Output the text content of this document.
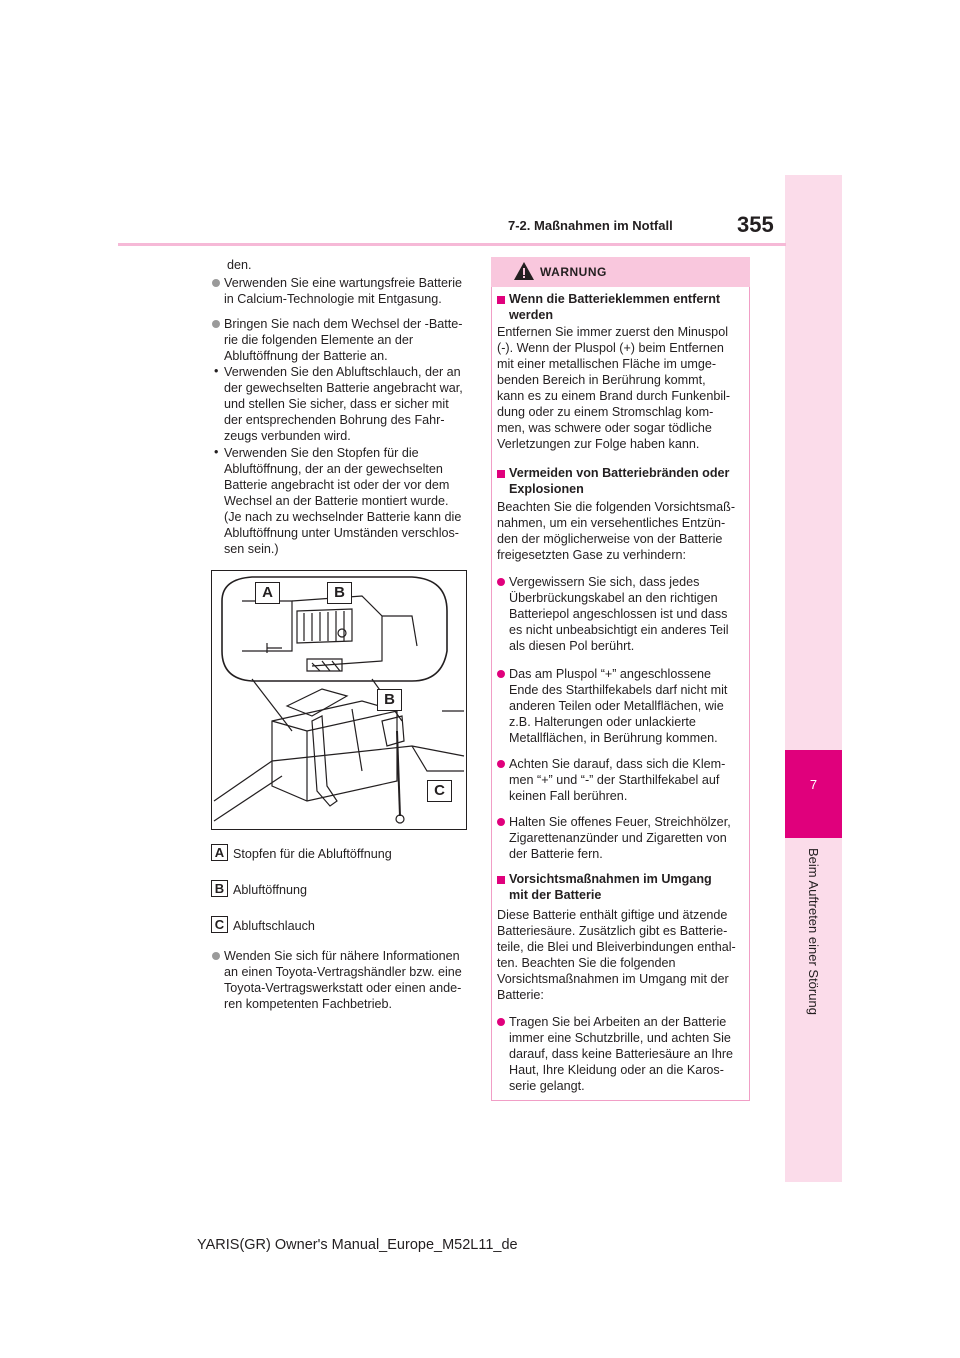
7
Beim Auftreten einer Störung
7-2. Maßnahmen im Notfall	355
den.
Verwenden Sie eine wartungsfreie Batterie
in Calcium-Technologie mit Entgasung.
Bringen Sie nach dem Wechsel der -Batte-
rie die folgenden Elemente an der
Abluftöffnung der Batterie an.
• Verwenden Sie den Abluftschlauch, der an
der gewechselten Batterie angebracht war,
und stellen Sie sicher, dass er sicher mit
der entsprechenden Bohrung des Fahr-
zeugs verbunden wird.
• Verwenden Sie den Stopfen für die
Abluftöffnung, der an der gewechselten
Batterie angebracht ist oder der vor dem
Wechsel an der Batterie montiert wurde.
(Je nach zu wechselnder Batterie kann die
Abluftöffnung unter Umständen verschlos-
sen sein.)
A	B
B
C
A Stopfen für die Abluftöffnung
B Abluftöffnung
C Abluftschlauch
Wenden Sie sich für nähere Informationen
an einen Toyota-Vertragshändler bzw. eine
Toyota-Vertragswerkstatt oder einen ande-
ren kompetenten Fachbetrieb.
WARNUNG
Wenn die Batterieklemmen entfernt
werden
Entfernen Sie immer zuerst den Minuspol
(-). Wenn der Pluspol (+) beim Entfernen
mit einer metallischen Fläche im umge-
benden Bereich in Berührung kommt,
kann es zu einem Brand durch Funkenbil-
dung oder zu einem Stromschlag kom-
men, was schwere oder sogar tödliche
Verletzungen zur Folge haben kann.
Vermeiden von Batteriebränden oder
Explosionen
Beachten Sie die folgenden Vorsichtsmaß-
nahmen, um ein versehentliches Entzün-
den der möglicherweise von der Batterie
freigesetzten Gase zu verhindern:
Vergewissern Sie sich, dass jedes
Überbrückungskabel an den richtigen
Batteriepol angeschlossen ist und dass
es nicht unbeabsichtigt ein anderes Teil
als diesen Pol berührt.
Das am Pluspol “+” angeschlossene
Ende des Starthilfekabels darf nicht mit
anderen Teilen oder Metallflächen, wie
z.B. Halterungen oder unlackierte
Metallflächen, in Berührung kommen.
Achten Sie darauf, dass sich die Klem-
men “+” und “-” der Starthilfekabel auf
keinen Fall berühren.
Halten Sie offenes Feuer, Streichhölzer,
Zigarettenanzünder und Zigaretten von
der Batterie fern.
Vorsichtsmaßnahmen im Umgang
mit der Batterie
Diese Batterie enthält giftige und ätzende
Batteriesäure. Zusätzlich gibt es Batterie-
teile, die Blei und Bleiverbindungen enthal-
ten. Beachten Sie die folgenden
Vorsichtsmaßnahmen im Umgang mit der
Batterie:
Tragen Sie bei Arbeiten an der Batterie
immer eine Schutzbrille, und achten Sie
darauf, dass keine Batteriesäure an Ihre
Haut, Ihre Kleidung oder an die Karos-
serie gelangt.
YARIS(GR) Owner's Manual_Europe_M52L11_de
